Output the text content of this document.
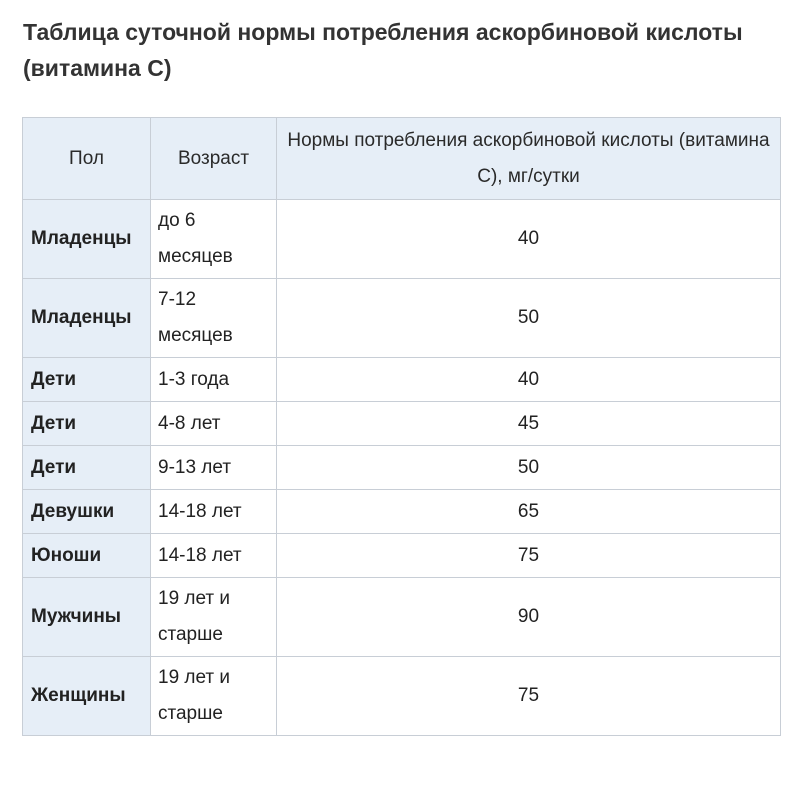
Таблица суточной нормы потребления аскорбиновой кислоты (витамина С)
Пол	Возраст	Нормы потребления аскорбиновой кислоты (витамина С), мг/сутки
Младенцы	до 6 месяцев	40
Младенцы	7-12 месяцев	50
Дети	1-3 года	40
Дети	4-8 лет	45
Дети	9-13 лет	50
Девушки	14-18 лет	65
Юноши	14-18 лет	75
Мужчины	19 лет и старше	90
Женщины	19 лет и старше	75
